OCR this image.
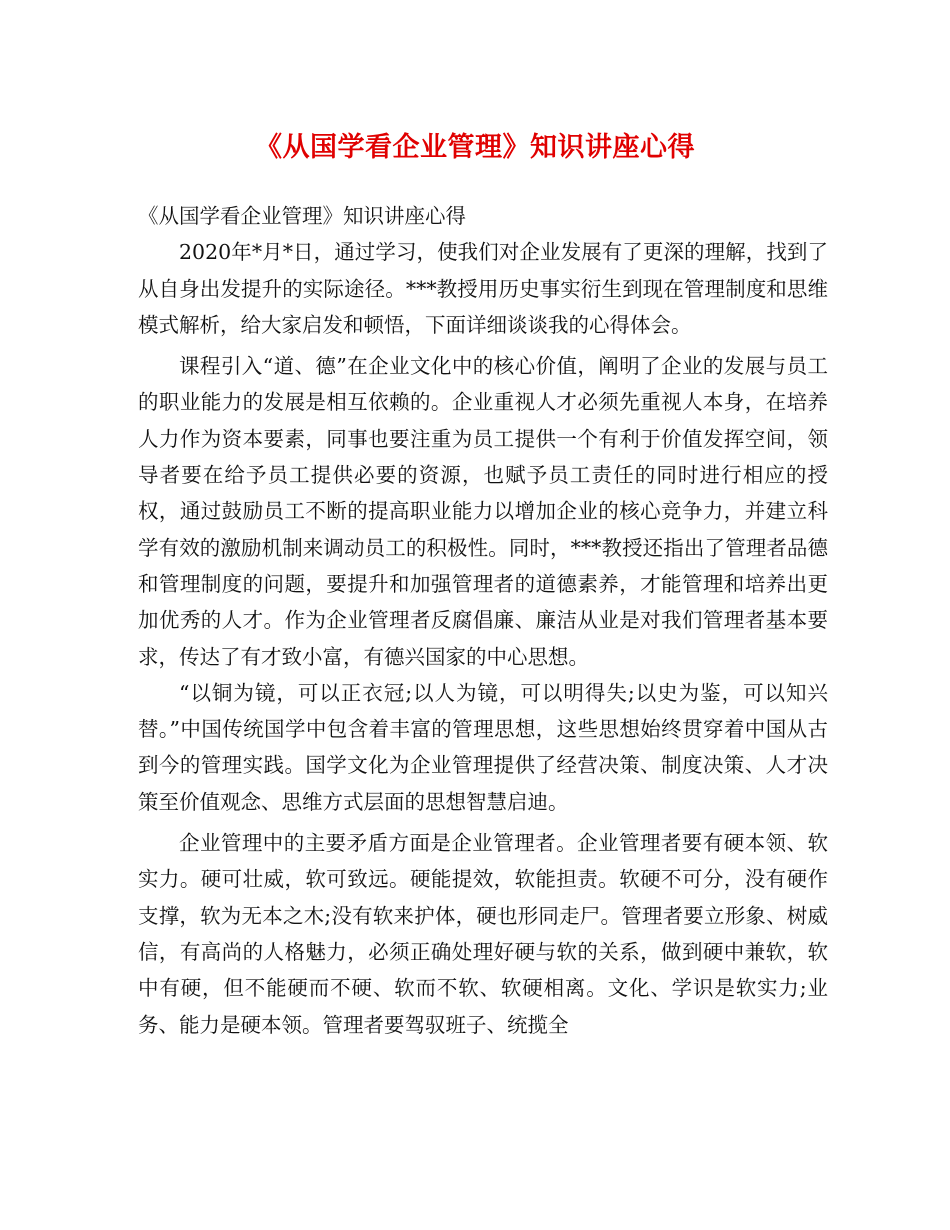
《从国学看企业管理》知识讲座心得

《从国学看企业管理》知识讲座心得

2020年*月*日，通过学习，使我们对企业发展有了更深的理解，找到了从自身出发提升的实际途径。***教授用历史事实衍生到现在管理制度和思维模式解析，给大家启发和顿悟，下面详细谈谈我的心得体会。

课程引入“道、德”在企业文化中的核心价值，阐明了企业的发展与员工的职业能力的发展是相互依赖的。企业重视人才必须先重视人本身，在培养人力作为资本要素，同事也要注重为员工提供一个有利于价值发挥空间，领导者要在给予员工提供必要的资源，也赋予员工责任的同时进行相应的授权，通过鼓励员工不断的提高职业能力以增加企业的核心竞争力，并建立科学有效的激励机制来调动员工的积极性。同时，***教授还指出了管理者品德和管理制度的问题，要提升和加强管理者的道德素养，才能管理和培养出更加优秀的人才。作为企业管理者反腐倡廉、廉洁从业是对我们管理者基本要求，传达了有才致小富，有德兴国家的中心思想。

“以铜为镜，可以正衣冠;以人为镜，可以明得失;以史为鉴，可以知兴替。”中国传统国学中包含着丰富的管理思想，这些思想始终贯穿着中国从古到今的管理实践。国学文化为企业管理提供了经营决策、制度决策、人才决策至价值观念、思维方式层面的思想智慧启迪。

企业管理中的主要矛盾方面是企业管理者。企业管理者要有硬本领、软实力。硬可壮威，软可致远。硬能提效，软能担责。软硬不可分，没有硬作支撑，软为无本之木;没有软来护体，硬也形同走尸。管理者要立形象、树威信，有高尚的人格魅力，必须正确处理好硬与软的关系，做到硬中兼软，软中有硬，但不能硬而不硬、软而不软、软硬相离。文化、学识是软实力;业务、能力是硬本领。管理者要驾驭班子、统揽全
